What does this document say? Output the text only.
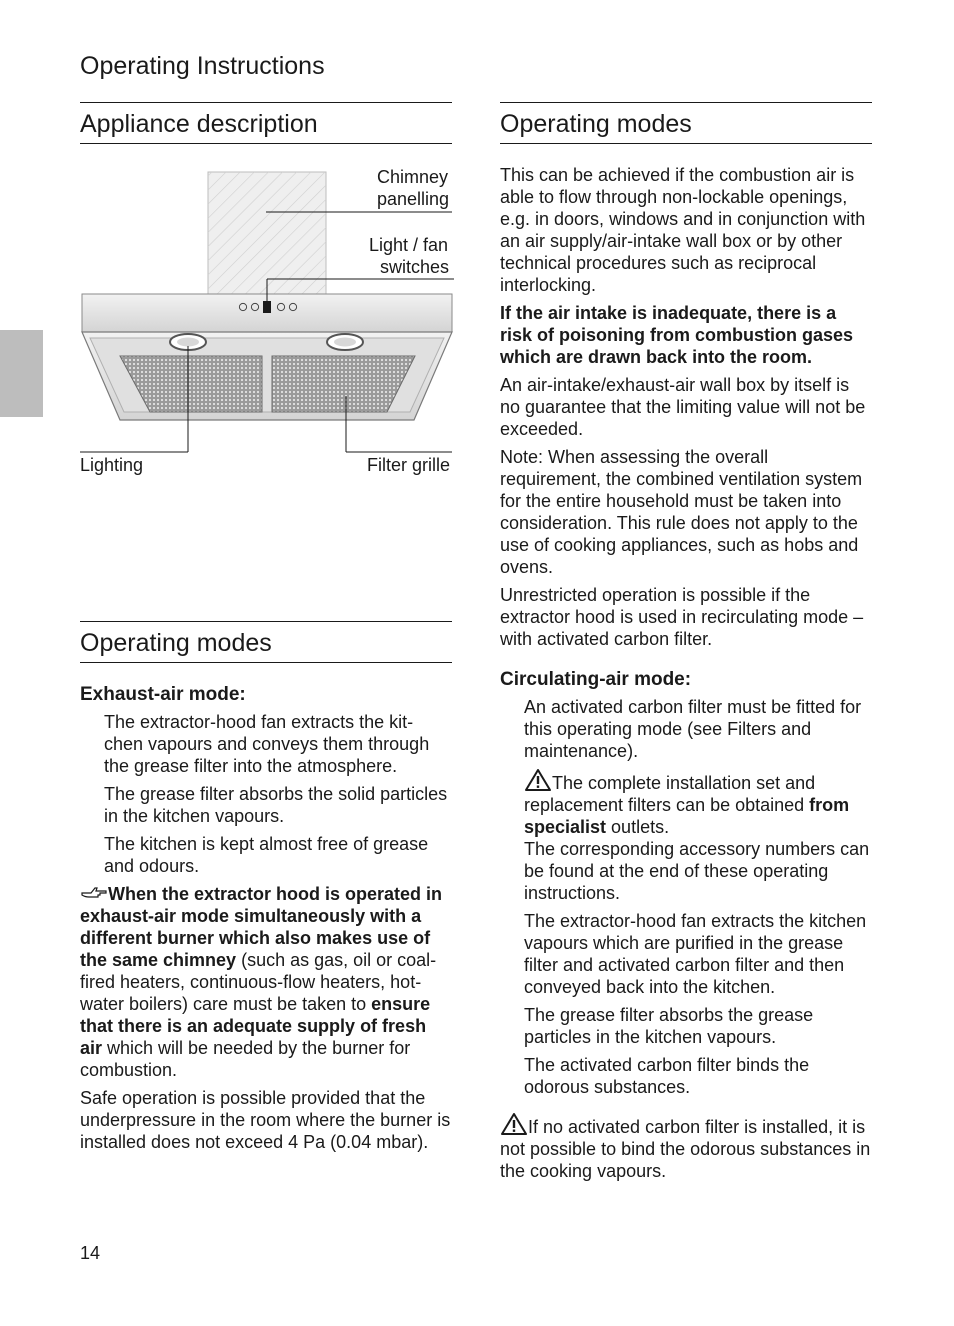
Operating Instructions
Appliance description
Chimney
panelling
Light / fan
switches
Lighting	Filter grille
Operating modes
Exhaust-air mode:

The extractor-hood fan extracts the kit-chen vapours and conveys them through the grease filter into the atmosphere.

The grease filter absorbs the solid particles in the kitchen vapours.

The kitchen is kept almost free of grease and odours.

When the extractor hood is operated in exhaust-air mode simultaneously with a different burner which also makes use of the same chimney (such as gas, oil or coal-fired heaters, continuous-flow heaters, hot-water boilers) care must be taken to ensure that there is an adequate supply of fresh air which will be needed by the burner for combustion.

Safe operation is possible provided that the underpressure in the room where the burner is installed does not exceed 4 Pa (0.04 mbar).

Operating modes

This can be achieved if the combustion air is able to flow through non-lockable openings, e.g. in doors, windows and in conjunction with an air supply/air-intake wall box or by other technical procedures such as reciprocal interlocking.

If the air intake is inadequate, there is a risk of poisoning from combustion gases which are drawn back into the room.

An air-intake/exhaust-air wall box by itself is no guarantee that the limiting value will not be exceeded.

Note: When assessing the overall requirement, the combined ventilation system for the entire household must be taken into consideration. This rule does not apply to the use of cooking appliances, such as hobs and ovens.

Unrestricted operation is possible if the extractor hood is used in recirculating mode – with activated carbon filter.

Circulating-air mode:

An activated carbon filter must be fitted for this operating mode (see Filters and maintenance).

The complete installation set and replacement filters can be obtained from specialist outlets.

The corresponding accessory numbers can be found at the end of these operating instructions.

The extractor-hood fan extracts the kitchen vapours which are purified in the grease filter and activated carbon filter and then conveyed back into the kitchen.

The grease filter absorbs the grease particles in the kitchen vapours.

The activated carbon filter binds the odorous substances.

If no activated carbon filter is installed, it is not possible to bind the odorous substances in the cooking vapours.

14
